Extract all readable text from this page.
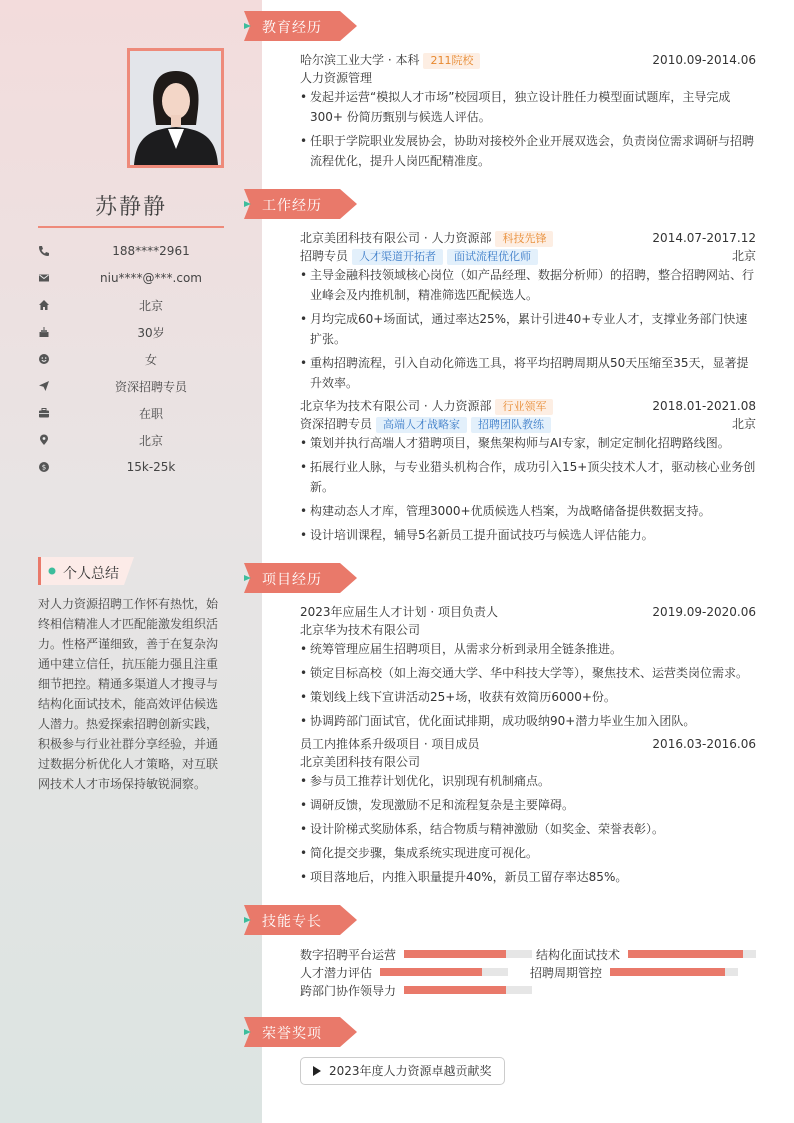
苏静静
188****2961
niu****@***.com
北京
30岁
女
资深招聘专员
在职
北京
$	15k-25k
个人总结
对人力资源招聘工作怀有热忱，始终相信精准人才匹配能激发组织活力。性格严谨细致，善于在复杂沟通中建立信任，抗压能力强且注重细节把控。精通多渠道人才搜寻与结构化面试技术，能高效评估候选人潜力。热爱探索招聘创新实践，积极参与行业社群分享经验，并通过数据分析优化人才策略，对互联网技术人才市场保持敏锐洞察。
教育经历
工作经历
项目经历
技能专长
荣誉奖项
哈尔滨工业大学 · 本科 211院校	2010.09-2014.06
人力资源管理
• 发起并运营“模拟人才市场”校园项目，独立设计胜任力模型面试题库，主导完成300+ 份简历甄别与候选人评估。
• 任职于学院职业发展协会，协助对接校外企业开展双选会，负责岗位需求调研与招聘流程优化，提升人岗匹配精准度。
北京美团科技有限公司 · 人力资源部 科技先锋	2014.07-2017.12
招聘专员 人才渠道开拓者 面试流程优化师	北京
• 主导金融科技领域核心岗位（如产品经理、数据分析师）的招聘，整合招聘网站、行业峰会及内推机制，精准筛选匹配候选人。
• 月均完成60+场面试，通过率达25%，累计引进40+专业人才，支撑业务部门快速扩张。
• 重构招聘流程，引入自动化筛选工具，将平均招聘周期从50天压缩至35天，显著提升效率。
北京华为技术有限公司 · 人力资源部 行业领军	2018.01-2021.08
资深招聘专员 高端人才战略家 招聘团队教练	北京
• 策划并执行高端人才猎聘项目，聚焦架构师与AI专家，制定定制化招聘路线图。
• 拓展行业人脉，与专业猎头机构合作，成功引入15+顶尖技术人才，驱动核心业务创新。
• 构建动态人才库，管理3000+优质候选人档案，为战略储备提供数据支持。
• 设计培训课程，辅导5名新员工提升面试技巧与候选人评估能力。
2023年应届生人才计划 · 项目负责人	2019.09-2020.06
北京华为技术有限公司
• 统筹管理应届生招聘项目，从需求分析到录用全链条推进。
• 锁定目标高校（如上海交通大学、华中科技大学等），聚焦技术、运营类岗位需求。
• 策划线上线下宣讲活动25+场，收获有效简历6000+份。
• 协调跨部门面试官，优化面试排期，成功吸纳90+潜力毕业生加入团队。
员工内推体系升级项目 · 项目成员	2016.03-2016.06
北京美团科技有限公司
• 参与员工推荐计划优化，识别现有机制痛点。
• 调研反馈，发现激励不足和流程复杂是主要障碍。
• 设计阶梯式奖励体系，结合物质与精神激励（如奖金、荣誉表彰）。
• 简化提交步骤，集成系统实现进度可视化。
• 项目落地后，内推入职量提升40%，新员工留存率达85%。
数字招聘平台运营	结构化面试技术
人才潜力评估	招聘周期管控
跨部门协作领导力
2023年度人力资源卓越贡献奖
